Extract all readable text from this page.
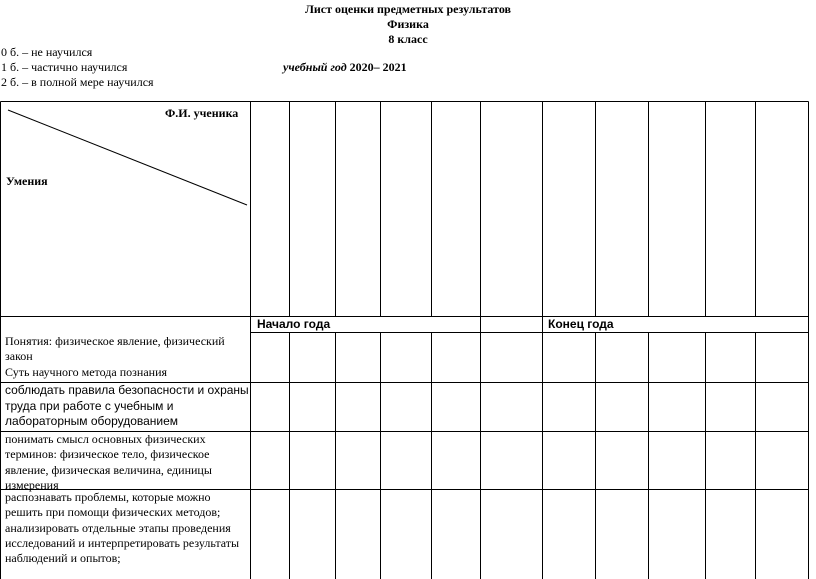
Лист оценки предметных результатов
Физика
8 класс
0 б. – не научился
1 б. – частично научился
2 б. – в полной мере научился
учебный год 2020– 2021
Ф.И. ученика
Умения
Начало года	Конец года
Понятия: физическое явление, физический закон
Суть научного метода познания
соблюдать правила безопасности и охраны труда при работе с учебным и лабораторным оборудованием
понимать смысл основных физических терминов: физическое тело, физическое явление, физическая величина, единицы измерения
распознавать проблемы, которые можно решить при помощи физических методов; анализировать отдельные этапы проведения исследований и интерпретировать результаты наблюдений и опытов;
